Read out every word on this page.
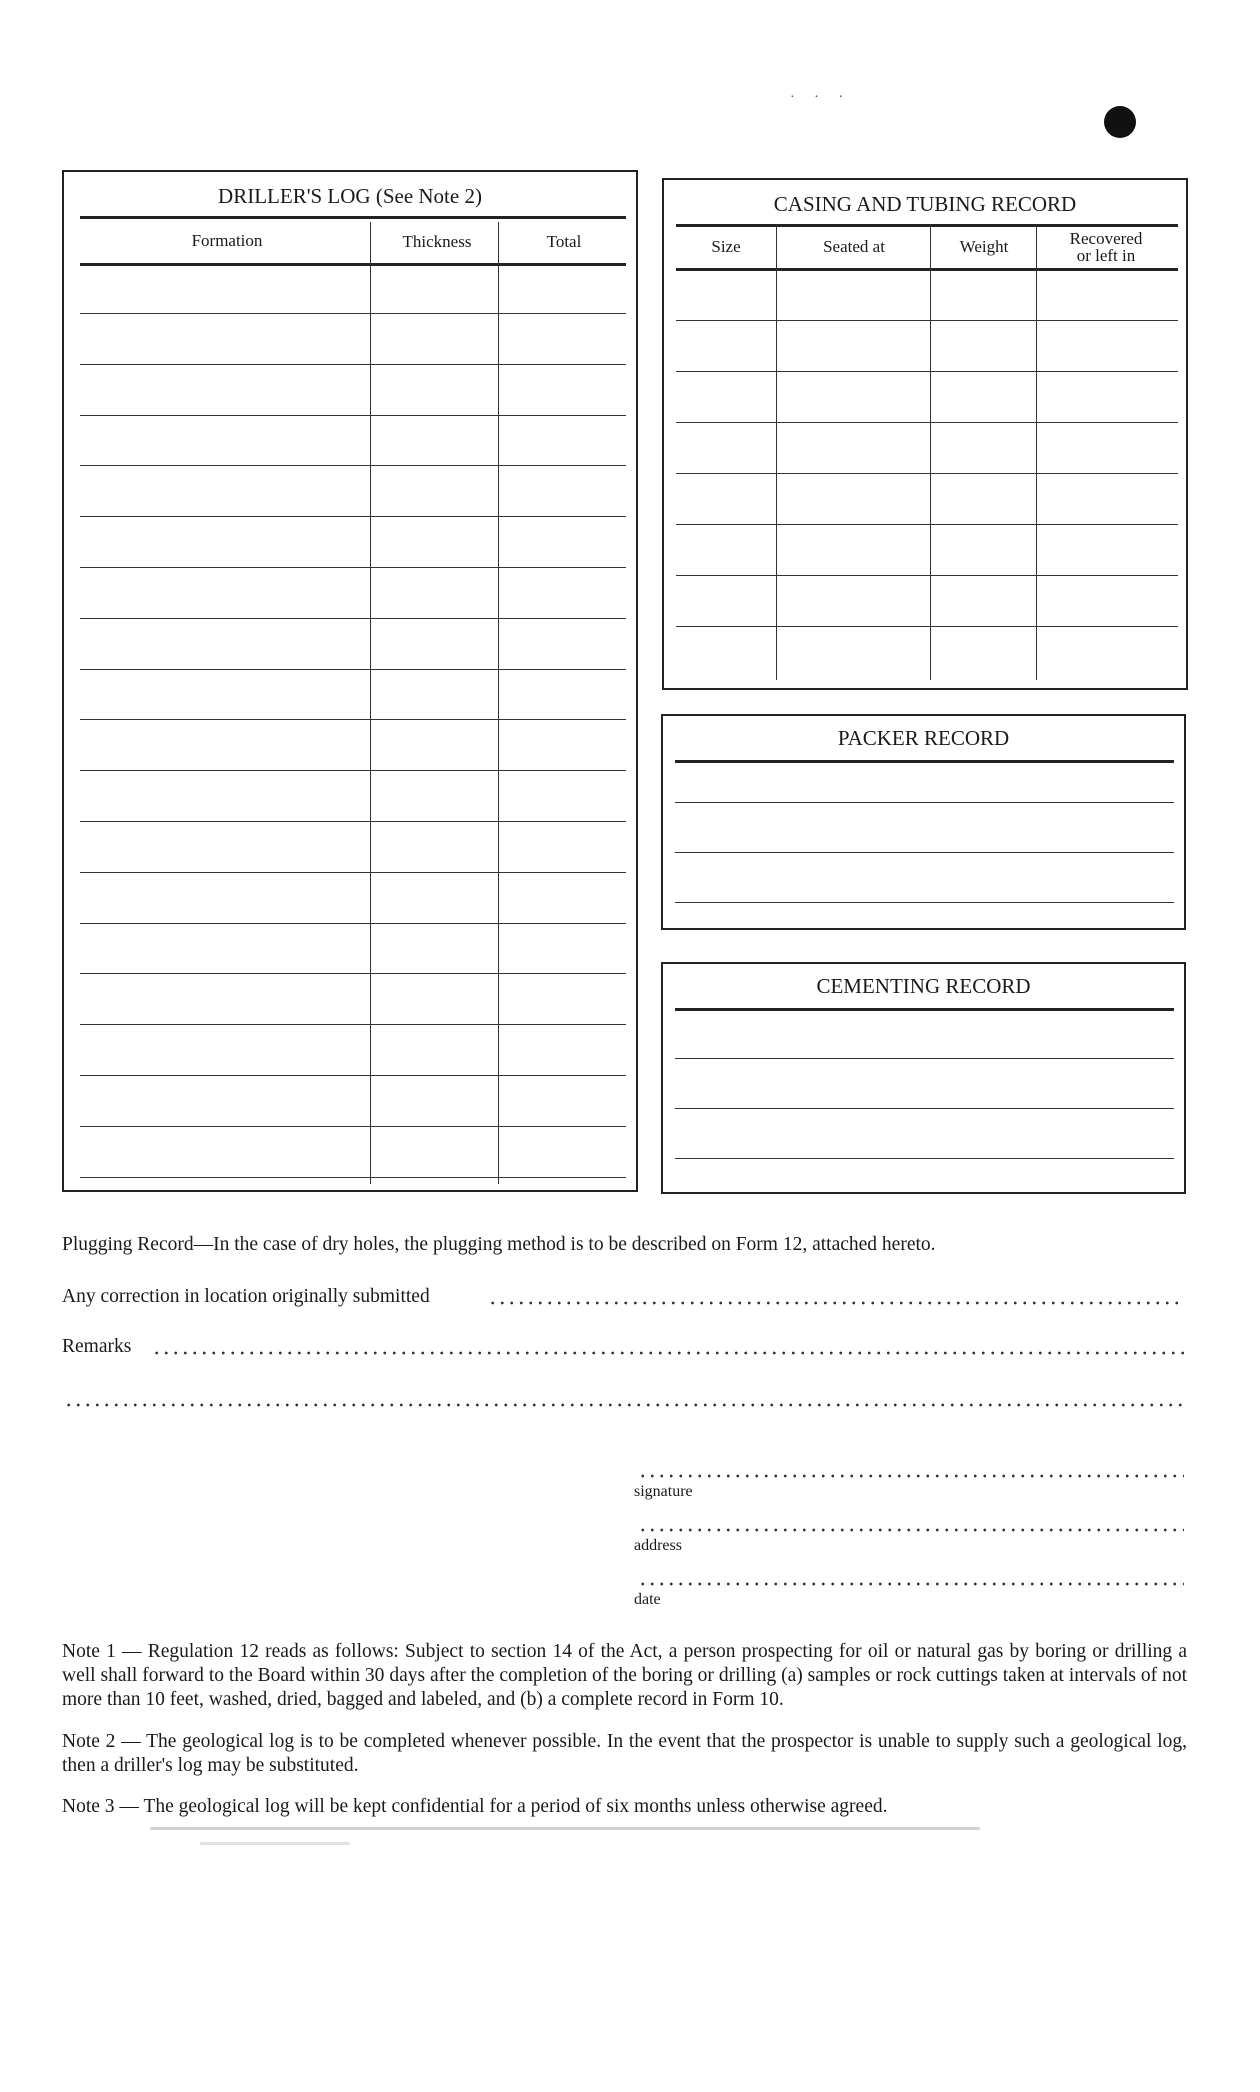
· · ·
DRILLER'S LOG (See Note 2)
Formation	Thickness	Total
CASING AND TUBING RECORD
Size	Seated at	Weight	Recovered
or left in
PACKER RECORD
CEMENTING RECORD
Plugging Record—In the case of dry holes, the plugging method is to be described on Form 12, attached hereto.
Any correction in location originally submitted
Remarks
signature
address
date
Note 1 — Regulation 12 reads as follows: Subject to section 14 of the Act, a person prospecting for oil or natural gas by boring or drilling a well shall forward to the Board within 30 days after the completion of the boring or drilling (a) samples or rock cuttings taken at intervals of not more than 10 feet, washed, dried, bagged and labeled, and (b) a complete record in Form 10.
Note 2 — The geological log is to be completed whenever possible. In the event that the prospector is unable to supply such a geological log, then a driller's log may be substituted.
Note 3 — The geological log will be kept confidential for a period of six months unless otherwise agreed.
